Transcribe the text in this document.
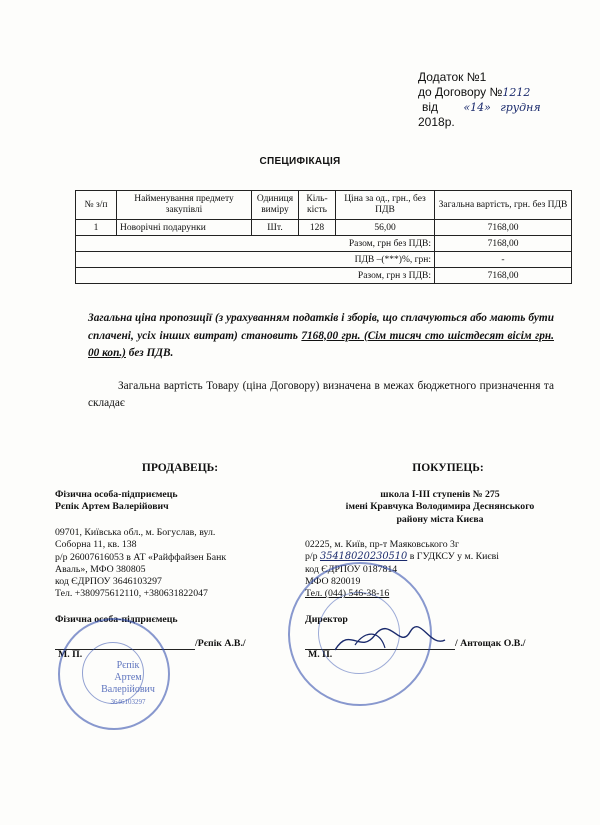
Додаток №1
до Договору №1212
від «14» грудня
2018р.
СПЕЦИФІКАЦІЯ
№ з/п	Найменування предмету закупівлі	Одиниця виміру	Кіль-кість	Ціна за од., грн., без ПДВ	Загальна вартість, грн. без ПДВ
1	Новорічні подарунки	Шт.	128	56,00	7168,00
Разом, грн без ПДВ:					7168,00
ПДВ –(***)%, грн:					-
Разом, грн з ПДВ:					7168,00
Загальна ціна пропозиції (з урахуванням податків і зборів, що сплачуються або мають бути сплачені, усіх інших витрат) становить 7168,00 грн. (Сім тисяч сто шістдесят вісім грн. 00 коп.) без ПДВ.
Загальна вартість Товару (ціна Договору) визначена в межах бюджетного призначення та складає
ПРОДАВЕЦЬ:
Фізична особа-підприємець
Рєпік Артем Валерійович
09701, Київська обл., м. Богуслав, вул.
Соборна 11, кв. 138
р/р 26007616053 в АТ «Райффайзен Банк
Аваль», МФО 380805
код ЄДРПОУ 3646103297
Тел. +380975612110, +380631822047
Фізична особа-підприємець
/Рєпік А.В./
М. П.
Рєпік
Артем
Валерійович
3646103297
ПОКУПЕЦЬ:
школа І-ІІІ ступенів № 275
імені Кравчука Володимира Деснянського
району міста Києва
02225, м. Київ, пр-т Маяковського 3г
р/р 35418020230510 в ГУДКСУ у м. Києві
код ЄДРПОУ 0187814
МФО 820019
Тел. (044) 546-38-16
Директор
/ Антощак О.В./
М. П.
